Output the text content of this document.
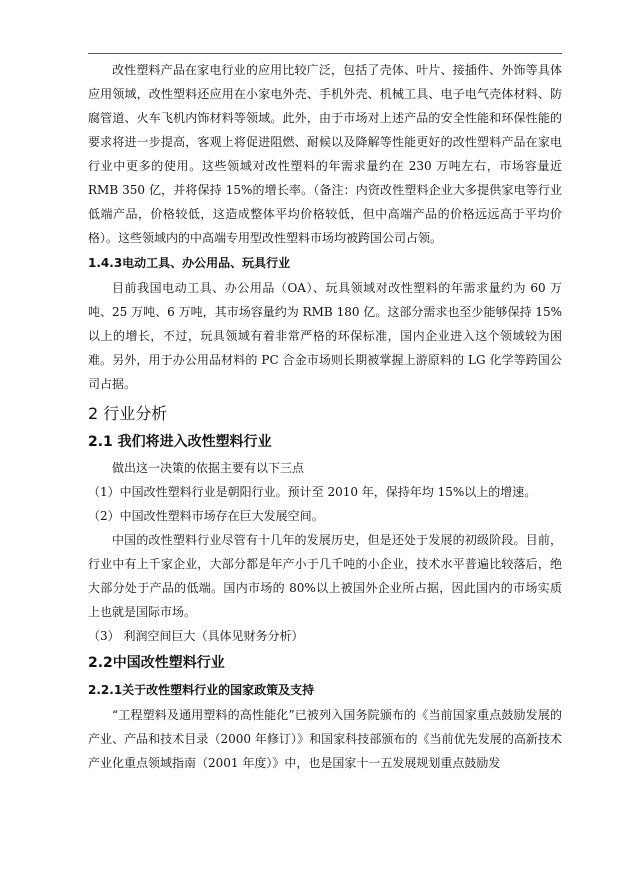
改性塑料产品在家电行业的应用比较广泛，包括了壳体、叶片、接插件、外饰等具体应用领域，改性塑料还应用在小家电外壳、手机外壳、机械工具、电子电气壳体材料、防腐管道、火车飞机内饰材料等领域。此外，由于市场对上述产品的安全性能和环保性能的要求将进一步提高，客观上将促进阻燃、耐候以及降解等性能更好的改性塑料产品在家电行业中更多的使用。这些领域对改性塑料的年需求量约在 230 万吨左右，市场容量近 RMB 350 亿，并将保持 15%的增长率。（备注：内资改性塑料企业大多提供家电等行业低端产品，价格较低，这造成整体平均价格较低，但中高端产品的价格远远高于平均价格）。这些领域内的中高端专用型改性塑料市场均被跨国公司占领。

1.4.3电动工具、办公用品、玩具行业

目前我国电动工具、办公用品（OA）、玩具领域对改性塑料的年需求量约为 60 万吨、25 万吨、6 万吨，其市场容量约为 RMB 180 亿。这部分需求也至少能够保持 15%以上的增长，不过，玩具领域有着非常严格的环保标准，国内企业进入这个领域较为困难。另外，用于办公用品材料的 PC 合金市场则长期被掌握上游原料的 LG 化学等跨国公司占据。

2 行业分析
2.1 我们将进入改性塑料行业

做出这一决策的依据主要有以下三点

（1）中国改性塑料行业是朝阳行业。预计至 2010 年，保持年均 15%以上的增速。

（2）中国改性塑料市场存在巨大发展空间。

中国的改性塑料行业尽管有十几年的发展历史，但是还处于发展的初级阶段。目前，行业中有上千家企业，大部分都是年产小于几千吨的小企业，技术水平普遍比较落后，绝大部分处于产品的低端。国内市场的 80%以上被国外企业所占据，因此国内的市场实质上也就是国际市场。

（3） 利润空间巨大（具体见财务分析）

2.2中国改性塑料行业
2.2.1关于改性塑料行业的国家政策及支持

“工程塑料及通用塑料的高性能化”已被列入国务院颁布的《当前国家重点鼓励发展的产业、产品和技术目录（2000 年修订）》和国家科技部颁布的《当前优先发展的高新技术产业化重点领域指南（2001 年度）》中，也是国家十一五发展规划重点鼓励发
